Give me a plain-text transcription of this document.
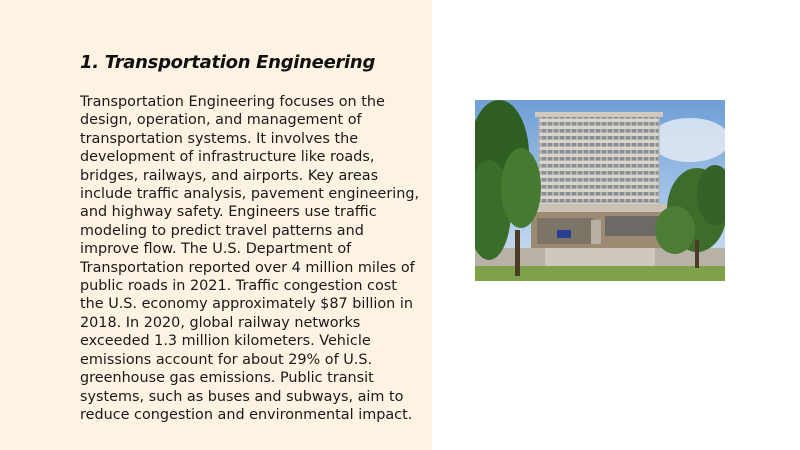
1. Transportation Engineering

Transportation Engineering focuses on the design, operation, and management of transportation systems. It involves the development of infrastructure like roads, bridges, railways, and airports. Key areas include traffic analysis, pavement engineering, and highway safety. Engineers use traffic modeling to predict travel patterns and improve flow. The U.S. Department of Transportation reported over 4 million miles of public roads in 2021. Traffic congestion cost the U.S. economy approximately $87 billion in 2018. In 2020, global railway networks exceeded 1.3 million kilometers. Vehicle emissions account for about 29% of U.S. greenhouse gas emissions. Public transit systems, such as buses and subways, aim to reduce congestion and environmental impact.
